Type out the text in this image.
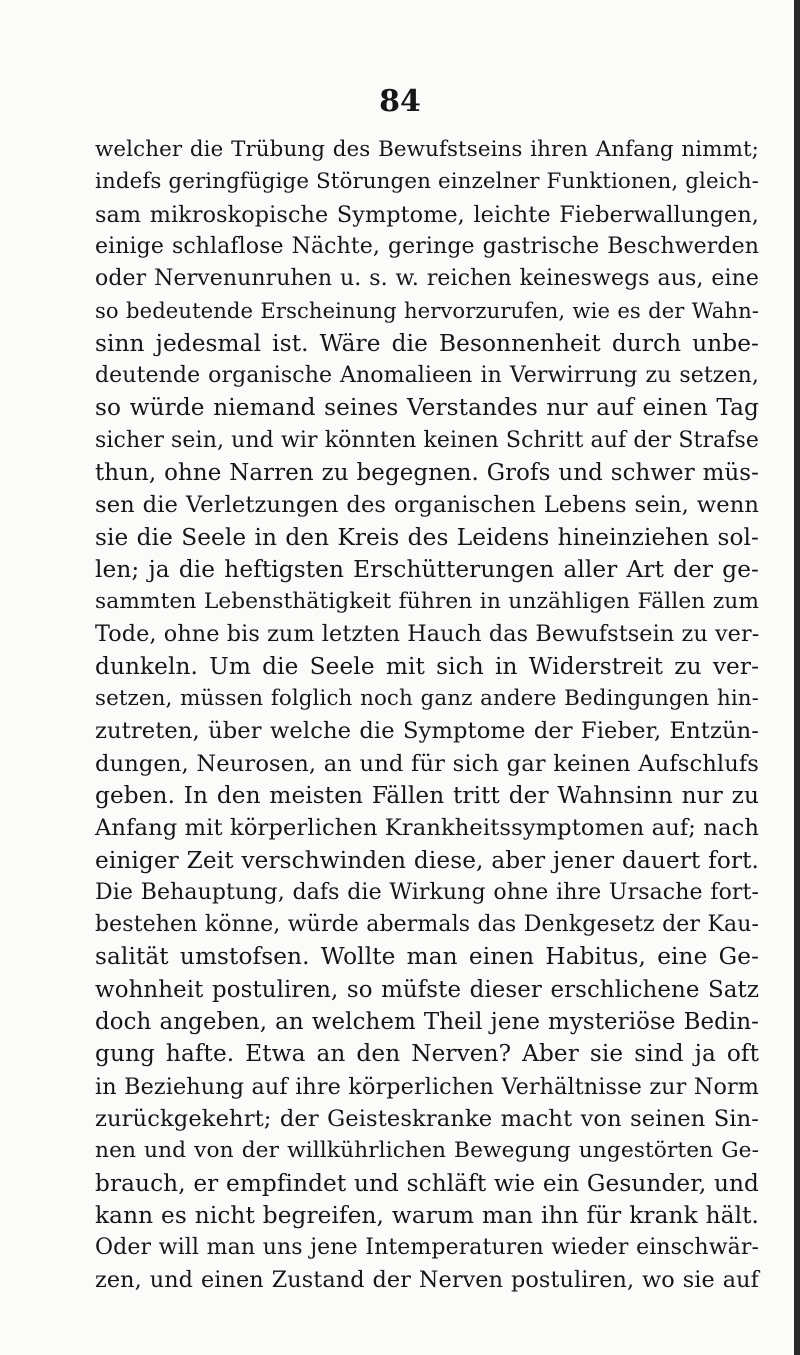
84
welcher die Trübung des Bewufstseins ihren Anfang nimmt;
indefs geringfügige Störungen einzelner Funktionen, gleich-
sam mikroskopische Symptome, leichte Fieberwallungen,
einige schlaflose Nächte, geringe gastrische Beschwerden
oder Nervenunruhen u. s. w. reichen keineswegs aus, eine
so bedeutende Erscheinung hervorzurufen, wie es der Wahn-
sinn jedesmal ist. Wäre die Besonnenheit durch unbe-
deutende organische Anomalieen in Verwirrung zu setzen,
so würde niemand seines Verstandes nur auf einen Tag
sicher sein, und wir könnten keinen Schritt auf der Strafse
thun, ohne Narren zu begegnen. Grofs und schwer müs-
sen die Verletzungen des organischen Lebens sein, wenn
sie die Seele in den Kreis des Leidens hineinziehen sol-
len; ja die heftigsten Erschütterungen aller Art der ge-
sammten Lebensthätigkeit führen in unzähligen Fällen zum
Tode, ohne bis zum letzten Hauch das Bewufstsein zu ver-
dunkeln. Um die Seele mit sich in Widerstreit zu ver-
setzen, müssen folglich noch ganz andere Bedingungen hin-
zutreten, über welche die Symptome der Fieber, Entzün-
dungen, Neurosen, an und für sich gar keinen Aufschlufs
geben. In den meisten Fällen tritt der Wahnsinn nur zu
Anfang mit körperlichen Krankheitssymptomen auf; nach
einiger Zeit verschwinden diese, aber jener dauert fort.
Die Behauptung, dafs die Wirkung ohne ihre Ursache fort-
bestehen könne, würde abermals das Denkgesetz der Kau-
salität umstofsen. Wollte man einen Habitus, eine Ge-
wohnheit postuliren, so müfste dieser erschlichene Satz
doch angeben, an welchem Theil jene mysteriöse Bedin-
gung hafte. Etwa an den Nerven? Aber sie sind ja oft
in Beziehung auf ihre körperlichen Verhältnisse zur Norm
zurückgekehrt; der Geisteskranke macht von seinen Sin-
nen und von der willkührlichen Bewegung ungestörten Ge-
brauch, er empfindet und schläft wie ein Gesunder, und
kann es nicht begreifen, warum man ihn für krank hält.
Oder will man uns jene Intemperaturen wieder einschwär-
zen, und einen Zustand der Nerven postuliren, wo sie auf
